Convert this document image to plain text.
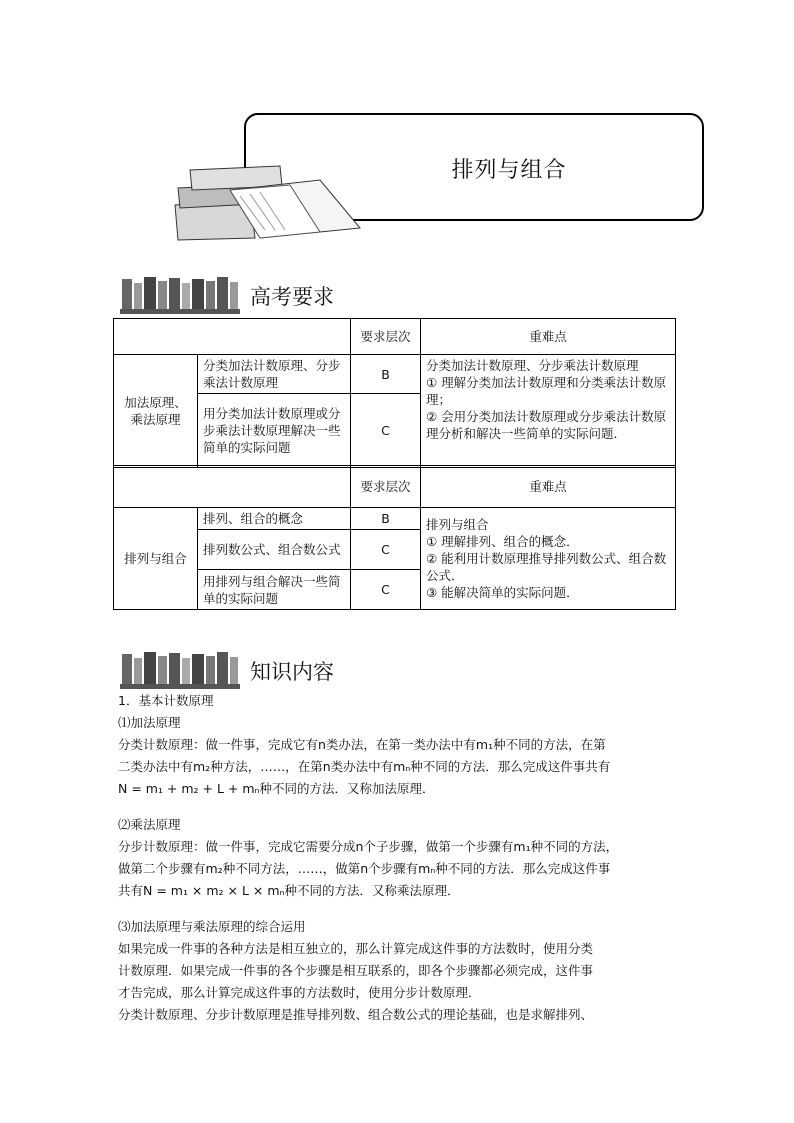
排列与组合
高考要求
		要求层次	重难点
加法原理、乘法原理	分类加法计数原理、分步乘法计数原理	B	分类加法计数原理、分步乘法计数原理
① 理解分类加法计数原理和分类乘法计数原理；
② 会用分类加法计数原理或分步乘法计数原理分析和解决一些简单的实际问题．

	用分类加法计数原理或分步乘法计数原理解决一些简单的实际问题	C	
		要求层次	重难点
排列与组合	排列、组合的概念	B	排列与组合
① 理解排列、组合的概念．
② 能利用计数原理推导排列数公式、组合数公式．
③ 能解决简单的实际问题．

	排列数公式、组合数公式	C	
	用排列与组合解决一些简单的实际问题	C	
知识内容

1．基本计数原理

⑴加法原理

分类计数原理：做一件事，完成它有n类办法，在第一类办法中有m₁种不同的方法，在第

二类办法中有m₂种方法，……，在第n类办法中有mₙ种不同的方法．那么完成这件事共有

N = m₁ + m₂ + L + mₙ种不同的方法．又称加法原理．

⑵乘法原理

分步计数原理：做一件事，完成它需要分成n个子步骤，做第一个步骤有m₁种不同的方法，

做第二个步骤有m₂种不同方法，……，做第n个步骤有mₙ种不同的方法．那么完成这件事

共有N = m₁ × m₂ × L × mₙ种不同的方法．又称乘法原理．

⑶加法原理与乘法原理的综合运用

如果完成一件事的各种方法是相互独立的，那么计算完成这件事的方法数时，使用分类

计数原理．如果完成一件事的各个步骤是相互联系的，即各个步骤都必须完成，这件事

才告完成，那么计算完成这件事的方法数时，使用分步计数原理．

分类计数原理、分步计数原理是推导排列数、组合数公式的理论基础，也是求解排列、
